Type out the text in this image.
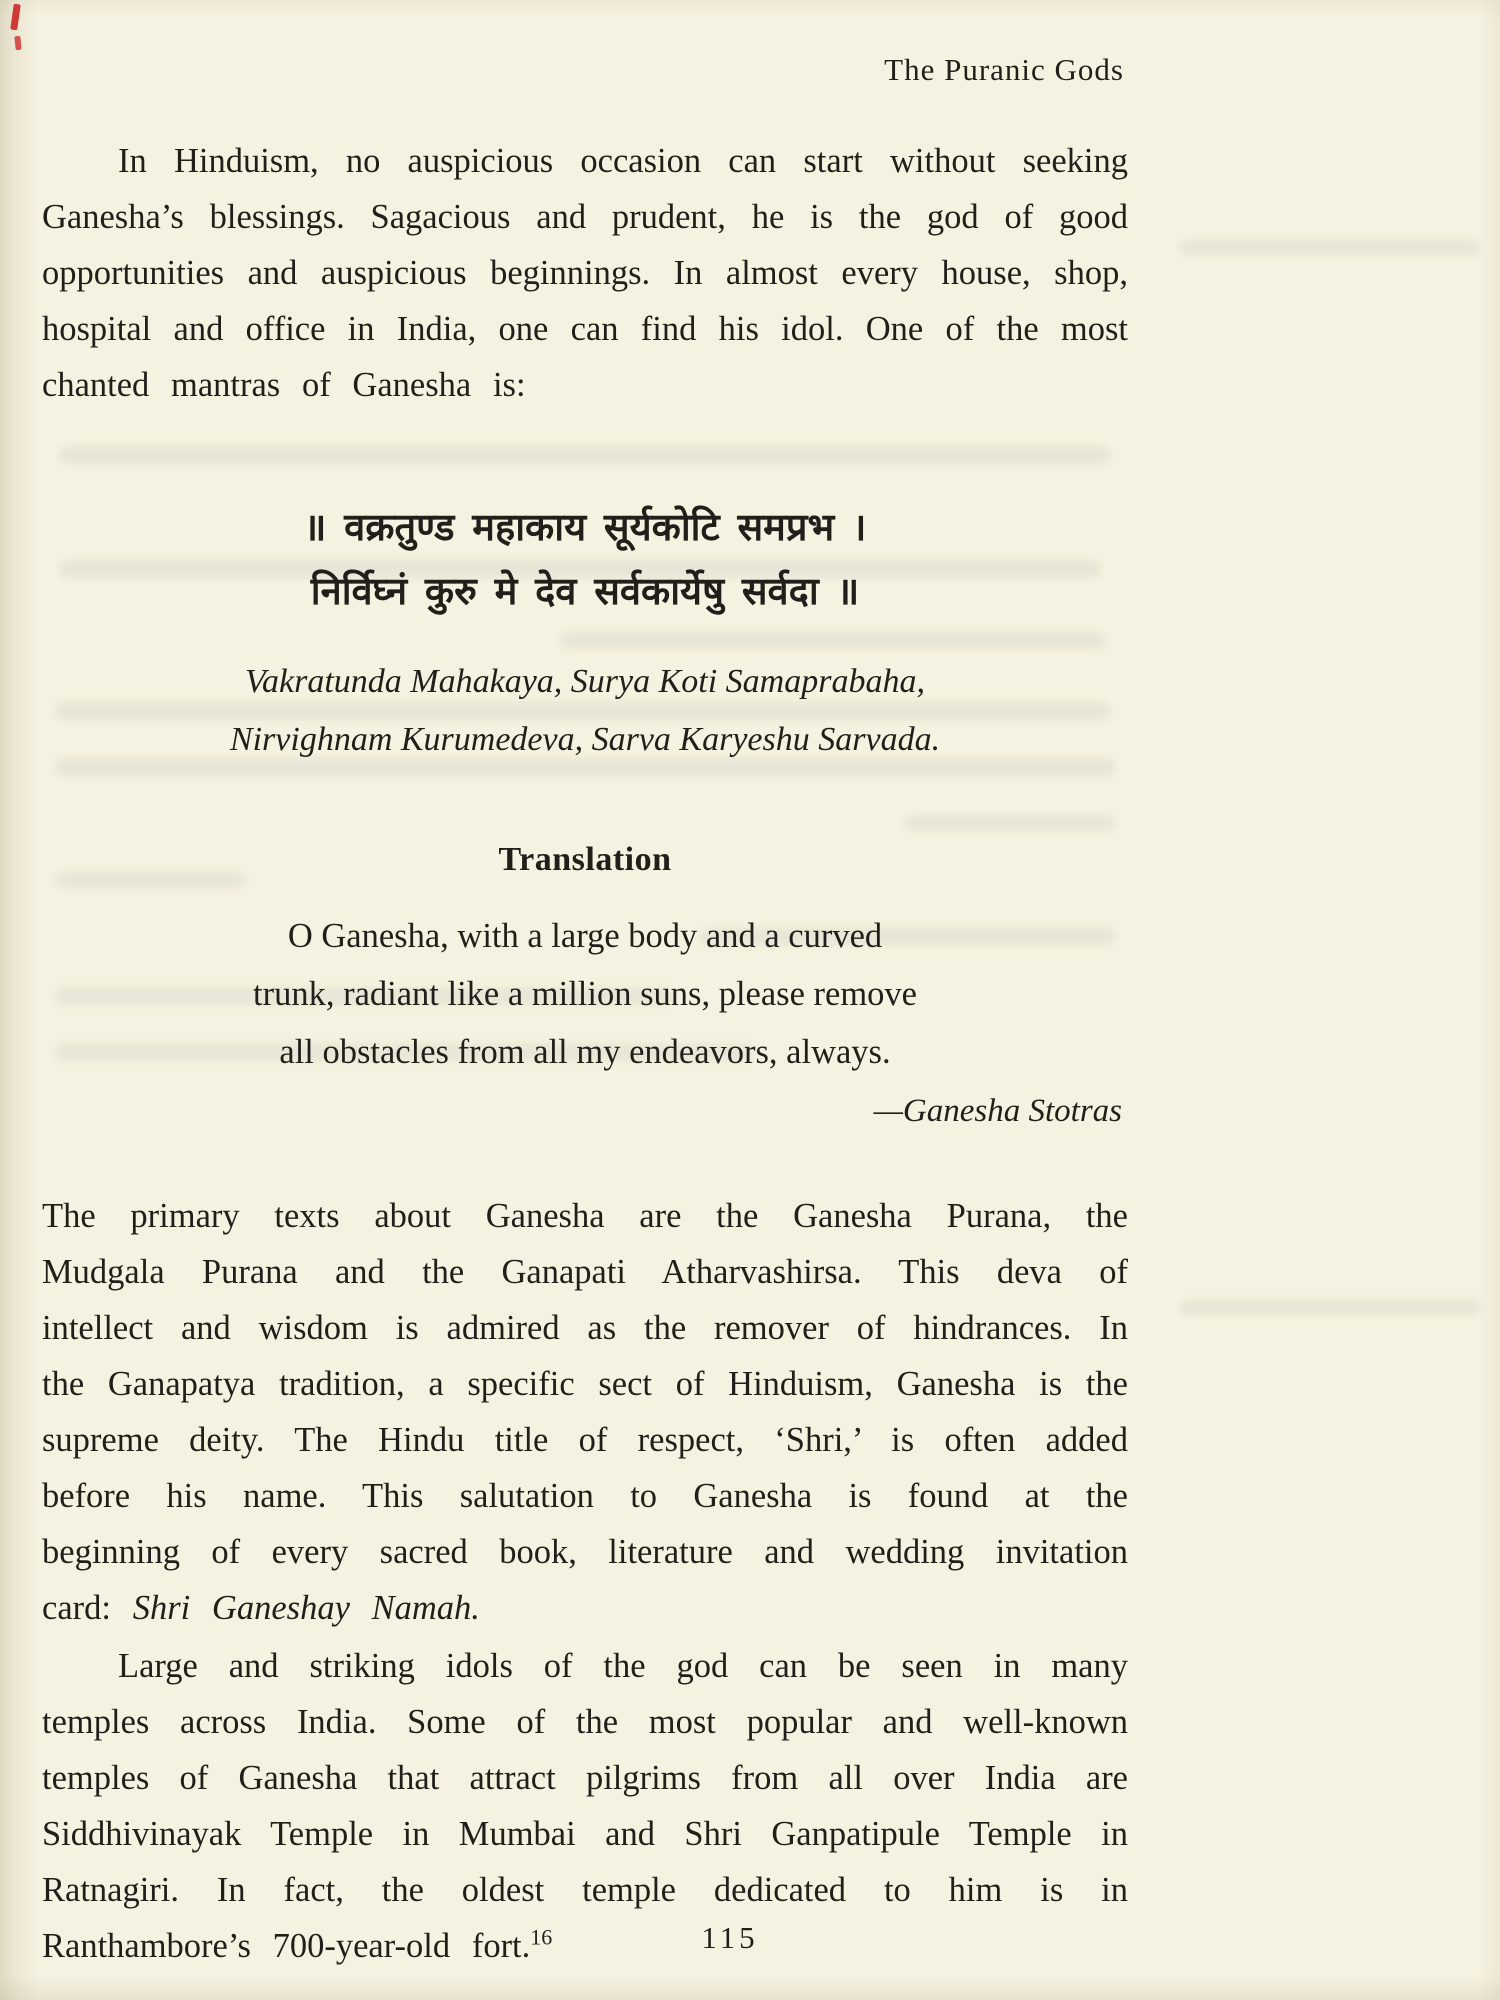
The Puranic Gods

In Hinduism, no auspicious occasion can start without seeking Ganesha’s blessings. Sagacious and prudent, he is the god of good opportunities and auspicious beginnings. In almost every house, shop, hospital and office in India, one can find his idol. One of the most chanted mantras of Ganesha is:

॥ वक्रतुण्ड महाकाय सूर्यकोटि समप्रभ ।
निर्विघ्नं कुरु मे देव सर्वकार्येषु सर्वदा ॥
Vakratunda Mahakaya, Surya Koti Samaprabaha,
Nirvighnam Kurumedeva, Sarva Karyeshu Sarvada.
Translation
O Ganesha, with a large body and a curved
trunk, radiant like a million suns, please remove
all obstacles from all my endeavors, always.
—Ganesha Stotras

The primary texts about Ganesha are the Ganesha Purana, the Mudgala Purana and the Ganapati Atharvashirsa. This deva of intellect and wisdom is admired as the remover of hindrances. In the Ganapatya tradition, a specific sect of Hinduism, Ganesha is the supreme deity. The Hindu title of respect, ‘Shri,’ is often added before his name. This salutation to Ganesha is found at the beginning of every sacred book, literature and wedding invitation card: Shri Ganeshay Namah.

Large and striking idols of the god can be seen in many temples across India. Some of the most popular and well-known temples of Ganesha that attract pilgrims from all over India are Siddhivinayak Temple in Mumbai and Shri Ganpatipule Temple in Ratnagiri. In fact, the oldest temple dedicated to him is in Ranthambore’s 700-year-old fort.$^{16}$	115
